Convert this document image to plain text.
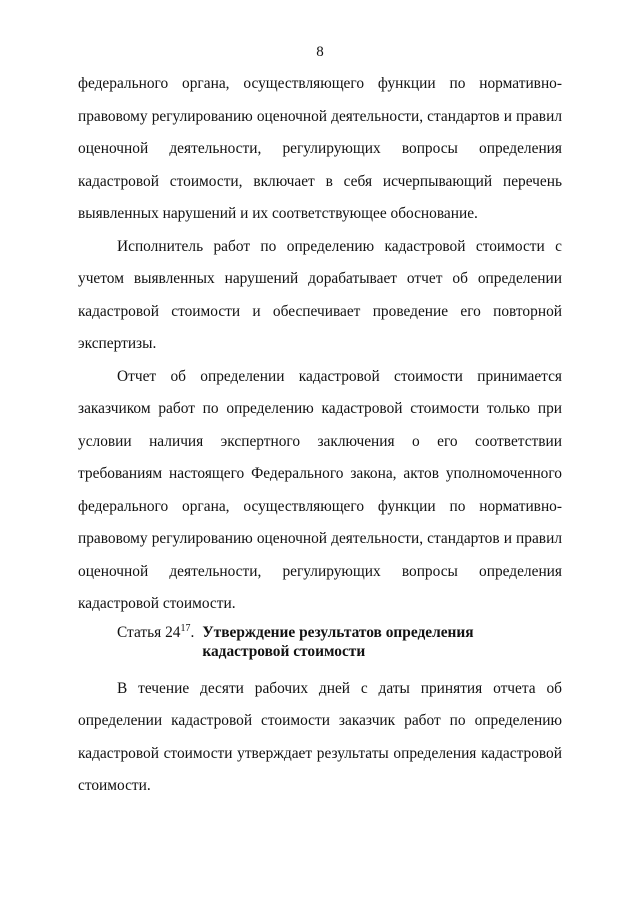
8

федерального органа, осуществляющего функции по нормативно-правовому регулированию оценочной деятельности, стандартов и правил оценочной деятельности, регулирующих вопросы определения кадастровой стоимости, включает в себя исчерпывающий перечень выявленных нарушений и их соответствующее обоснование.

Исполнитель работ по определению кадастровой стоимости с учетом выявленных нарушений дорабатывает отчет об определении кадастровой стоимости и обеспечивает проведение его повторной экспертизы.

Отчет об определении кадастровой стоимости принимается заказчиком работ по определению кадастровой стоимости только при условии наличия экспертного заключения о его соответствии требованиям настоящего Федерального закона, актов уполномоченного федерального органа, осуществляющего функции по нормативно-правовому регулированию оценочной деятельности, стандартов и правил оценочной деятельности, регулирующих вопросы определения кадастровой стоимости.

Статья $24^{17}$. Утверждение результатов определения кадастровой стоимости

В течение десяти рабочих дней с даты принятия отчета об определении кадастровой стоимости заказчик работ по определению кадастровой стоимости утверждает результаты определения кадастровой стоимости.
